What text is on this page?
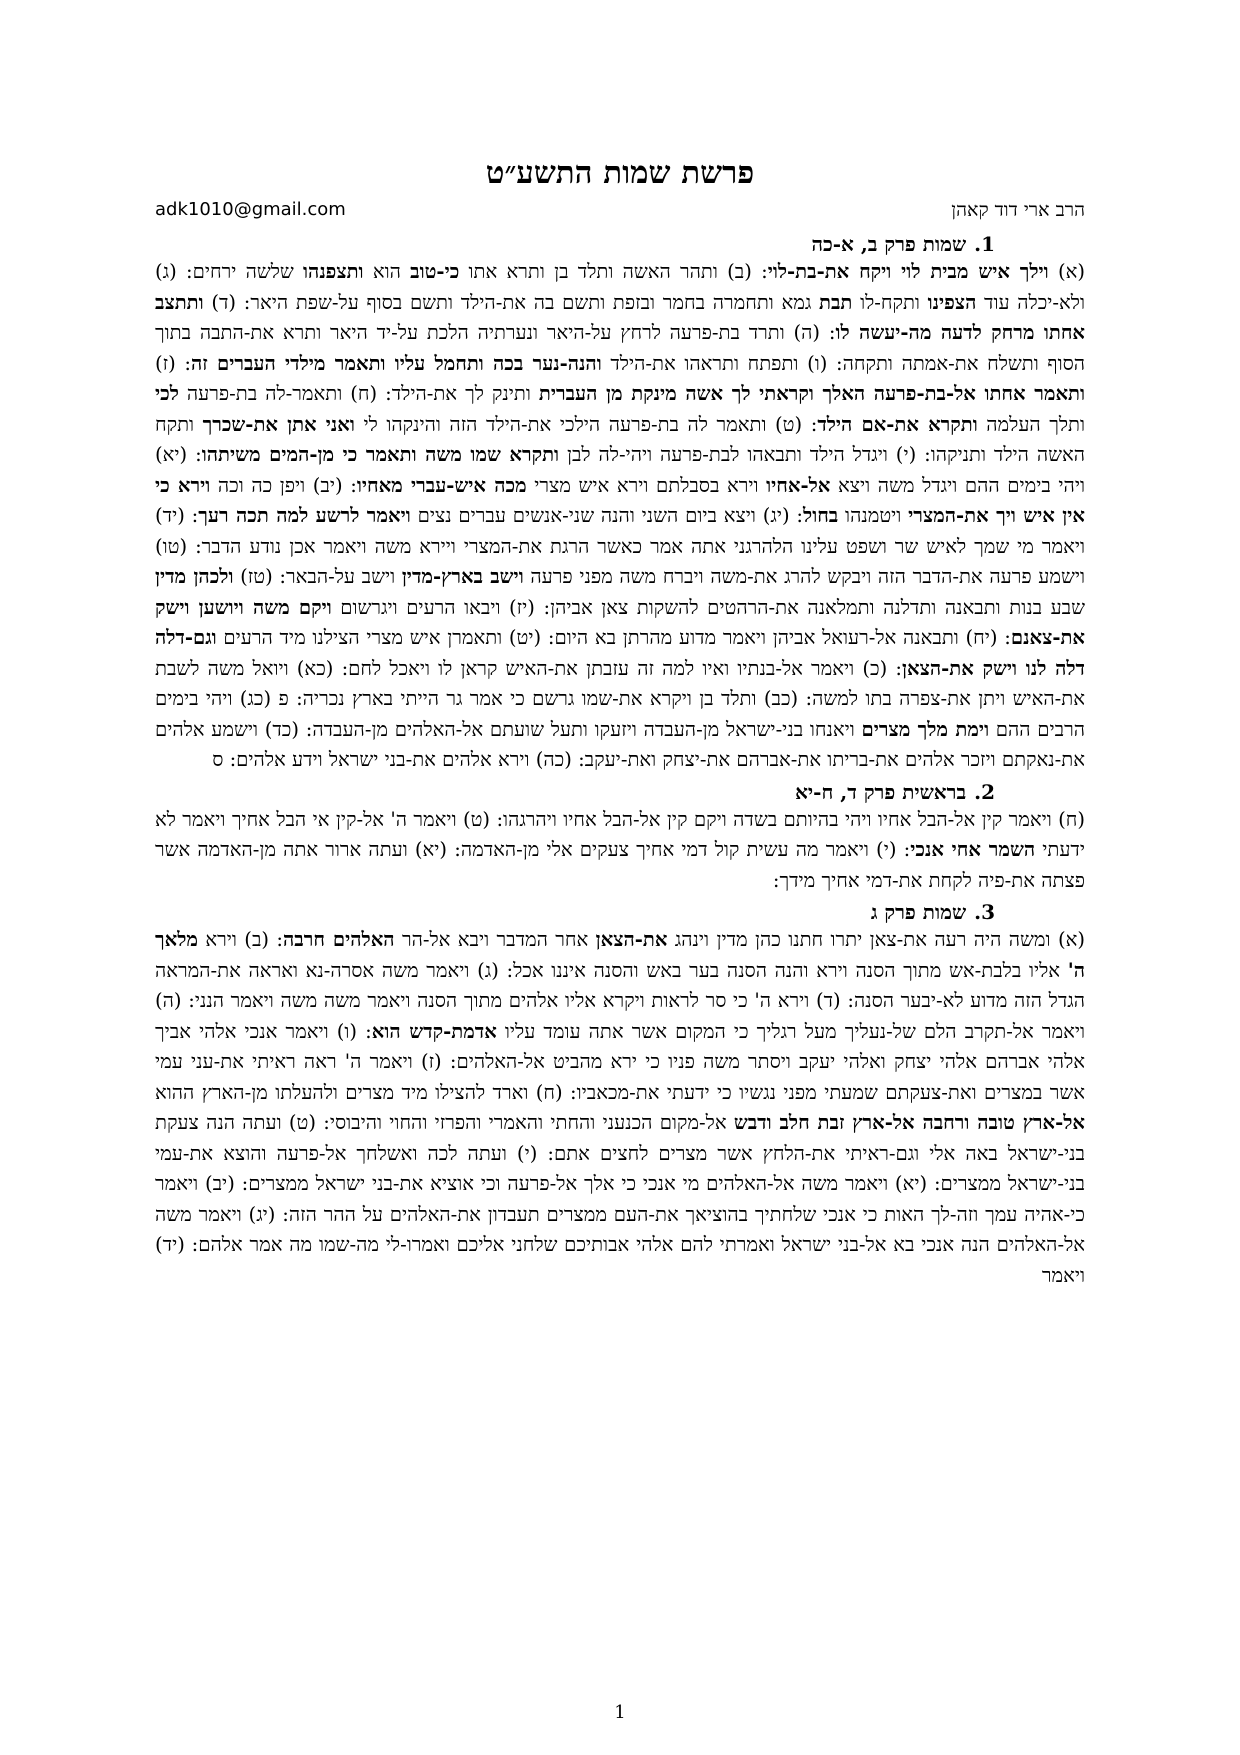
פרשת שמות התשע״ט
הרב ארי דוד קאהן
adk1010@gmail.com
1.שמות פרק ב, א-כה

(א) וילך איש מבית לוי ויקח את-בת-לוי: (ב) ותהר האשה ותלד בן ותרא אתו כי-טוב הוא ותצפנהו שלשה ירחים: (ג) ולא-יכלה עוד הצפינו ותקח-לו תבת גמא ותחמרה בחמר ובזפת ותשם בה את-הילד ותשם בסוף על-שפת היאר: (ד) ותתצב אחתו מרחק לדעה מה-יעשה לו: (ה) ותרד בת-פרעה לרחץ על-היאר ונערתיה הלכת על-יד היאר ותרא את-התבה בתוך הסוף ותשלח את-אמתה ותקחה: (ו) ותפתח ותראהו את-הילד והנה-נער בכה ותחמל עליו ותאמר מילדי העברים זה: (ז) ותאמר אחתו אל-בת-פרעה האלך וקראתי לך אשה מינקת מן העברית ותינק לך את-הילד: (ח) ותאמר-לה בת-פרעה לכי ותלך העלמה ותקרא את-אם הילד: (ט) ותאמר לה בת-פרעה הילכי את-הילד הזה והינקהו לי ואני אתן את-שכרך ותקח האשה הילד ותניקהו: (י) ויגדל הילד ותבאהו לבת-פרעה ויהי-לה לבן ותקרא שמו משה ותאמר כי מן-המים משיתהו: (יא) ויהי בימים ההם ויגדל משה ויצא אל-אחיו וירא בסבלתם וירא איש מצרי מכה איש-עברי מאחיו: (יב) ויפן כה וכה וירא כי אין איש ויך את-המצרי ויטמנהו בחול: (יג) ויצא ביום השני והנה שני-אנשים עברים נצים ויאמר לרשע למה תכה רעך: (יד) ויאמר מי שמך לאיש שר ושפט עלינו הלהרגני אתה אמר כאשר הרגת את-המצרי ויירא משה ויאמר אכן נודע הדבר: (טו) וישמע פרעה את-הדבר הזה ויבקש להרג את-משה ויברח משה מפני פרעה וישב בארץ-מדין וישב על-הבאר: (טז) ולכהן מדין שבע בנות ותבאנה ותדלנה ותמלאנה את-הרהטים להשקות צאן אביהן: (יז) ויבאו הרעים ויגרשום ויקם משה ויושען וישק את-צאנם: (יח) ותבאנה אל-רעואל אביהן ויאמר מדוע מהרתן בא היום: (יט) ותאמרן איש מצרי הצילנו מיד הרעים וגם-דלה דלה לנו וישק את-הצאן: (כ) ויאמר אל-בנתיו ואיו למה זה עזבתן את-האיש קראן לו ויאכל לחם: (כא) ויואל משה לשבת את-האיש ויתן את-צפרה בתו למשה: (כב) ותלד בן ויקרא את-שמו גרשם כי אמר גר הייתי בארץ נכריה: פ (כג) ויהי בימים הרבים ההם וימת מלך מצרים ויאנחו בני-ישראל מן-העבדה ויזעקו ותעל שועתם אל-האלהים מן-העבדה: (כד) וישמע אלהים את-נאקתם ויזכר אלהים את-בריתו את-אברהם את-יצחק ואת-יעקב: (כה) וירא אלהים את-בני ישראל וידע אלהים: ס

2.בראשית פרק ד, ח-יא

(ח) ויאמר קין אל-הבל אחיו ויהי בהיותם בשדה ויקם קין אל-הבל אחיו ויהרגהו: (ט) ויאמר ה' אל-קין אי הבל אחיך ויאמר לא ידעתי השמר אחי אנכי: (י) ויאמר מה עשית קול דמי אחיך צעקים אלי מן-האדמה: (יא) ועתה ארור אתה מן-האדמה אשר פצתה את-פיה לקחת את-דמי אחיך מידך:

3.שמות פרק ג

(א) ומשה היה רעה את-צאן יתרו חתנו כהן מדין וינהג את-הצאן אחר המדבר ויבא אל-הר האלהים חרבה: (ב) וירא מלאך ה' אליו בלבת-אש מתוך הסנה וירא והנה הסנה בער באש והסנה איננו אכל: (ג) ויאמר משה אסרה-נא ואראה את-המראה הגדל הזה מדוע לא-יבער הסנה: (ד) וירא ה' כי סר לראות ויקרא אליו אלהים מתוך הסנה ויאמר משה משה ויאמר הנני: (ה) ויאמר אל-תקרב הלם של-נעליך מעל רגליך כי המקום אשר אתה עומד עליו אדמת-קדש הוא: (ו) ויאמר אנכי אלהי אביך אלהי אברהם אלהי יצחק ואלהי יעקב ויסתר משה פניו כי ירא מהביט אל-האלהים: (ז) ויאמר ה' ראה ראיתי את-עני עמי אשר במצרים ואת-צעקתם שמעתי מפני נגשיו כי ידעתי את-מכאביו: (ח) וארד להצילו מיד מצרים ולהעלתו מן-הארץ ההוא אל-ארץ טובה ורחבה אל-ארץ זבת חלב ודבש אל-מקום הכנעני והחתי והאמרי והפרזי והחוי והיבוסי: (ט) ועתה הנה צעקת בני-ישראל באה אלי וגם-ראיתי את-הלחץ אשר מצרים לחצים אתם: (י) ועתה לכה ואשלחך אל-פרעה והוצא את-עמי בני-ישראל ממצרים: (יא) ויאמר משה אל-האלהים מי אנכי כי אלך אל-פרעה וכי אוציא את-בני ישראל ממצרים: (יב) ויאמר כי-אהיה עמך וזה-לך האות כי אנכי שלחתיך בהוציאך את-העם ממצרים תעבדון את-האלהים על ההר הזה: (יג) ויאמר משה אל-האלהים הנה אנכי בא אל-בני ישראל ואמרתי להם אלהי אבותיכם שלחני אליכם ואמרו-לי מה-שמו מה אמר אלהם: (יד) ויאמר

1
